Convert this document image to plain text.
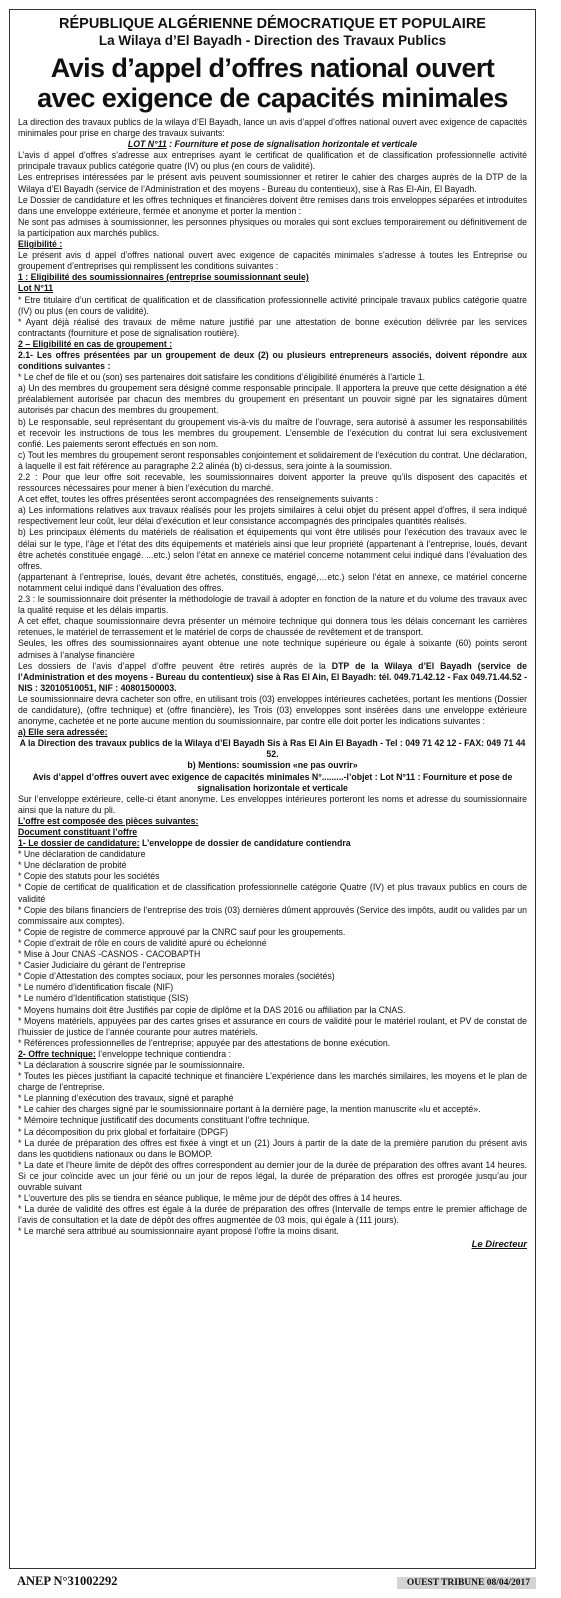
RÉPUBLIQUE ALGÉRIENNE DÉMOCRATIQUE ET POPULAIRE
La Wilaya d’El Bayadh - Direction des Travaux Publics
Avis d’appel d’offres national ouvert
avec exigence de capacités minimales

La direction des travaux publics de la wilaya d’El Bayadh, lance un avis d’appel d’offres national ouvert avec exigence de capacités minimales pour prise en charge des travaux suivants:

LOT N°11 : Fourniture et pose de signalisation horizontale et verticale

L’avis d appel d’offres s’adresse aux entreprises ayant le certificat de qualification et de classification professionnelle activité principale travaux publics catégorie quatre (IV) ou plus (en cours de validité).

Les entreprises intéressées par le présent avis peuvent soumissionner et retirer le cahier des charges auprès de la DTP de la Wilaya d’El Bayadh (service de l’Administration et des moyens - Bureau du contentieux), sise à Ras El-Ain, El Bayadh.

Le Dossier de candidature et les offres techniques et financières doivent être remises dans trois enveloppes séparées et introduites dans une enveloppe extérieure, fermée et anonyme et porter la mention :

Ne sont pas admises à soumissionner, les personnes physiques ou morales qui sont exclues temporairement ou définitivement de la participation aux marchés publics.

Eligibilité :

Le présent avis d appel d’offres national ouvert avec exigence de capacités minimales s’adresse à toutes les Entreprise ou groupement d’entreprises qui remplissent les conditions suivantes :

1 : Eligibilité des soumissionnaires (entreprise soumissionnant seule)

Lot N°11

* Etre titulaire d’un certificat de qualification et de classification professionnelle activité principale travaux publics catégorie quatre (IV) ou plus (en cours de validité).

* Ayant déjà réalisé des travaux de même nature justifié par une attestation de bonne exécution délivrée par les services contractants (fourniture et pose de signalisation routière).

2 – Eligibilité en cas de groupement :

2.1- Les offres présentées par un groupement de deux (2) ou plusieurs entrepreneurs associés, doivent répondre aux conditions suivantes :

* Le chef de file et ou (son) ses partenaires doit satisfaire les conditions d’éligibilité énumérés à l’article 1.

a) Un des membres du groupement sera désigné comme responsable principale. Il apportera la preuve que cette désignation a été préalablement autorisée par chacun des membres du groupement en présentant un pouvoir signé par les signataires dûment autorisés par chacun des membres du groupement.

b) Le responsable, seul représentant du groupement vis-à-vis du maître de l’ouvrage, sera autorisé à assumer les responsabilités et recevoir les instructions de tous les membres du groupement. L’ensemble de l’exécution du contrat lui sera exclusivement confié. Les paiements seront effectués en son nom.

c) Tout les membres du groupement seront responsables conjointement et solidairement de l’exécution du contrat. Une déclaration, à laquelle il est fait référence au paragraphe 2.2 alinéa (b) ci-dessus, sera jointe à la soumission.

2.2 : Pour que leur offre soit recevable, les soumissionnaires doivent apporter la preuve qu’ils disposent des capacités et ressources nécessaires pour mener à bien l’exécution du marché.

A cet effet, toutes les offres présentées seront accompagnées des renseignements suivants :

a) Les informations relatives aux travaux réalisés pour les projets similaires à celui objet du présent appel d’offres, il sera indiqué respectivement leur coût, leur délai d’exécution et leur consistance accompagnés des principales quantités réalisés.

b) Les principaux éléments du matériels de réalisation et équipements qui vont être utilisés pour l’exécution des travaux avec le délai sur le type, l’âge et l’état des dits équipements et matériels ainsi que leur propriété (appartenant à l’entreprise, loués, devant être achetés constituée engagé. ...etc.) selon l’état en annexe ce matériel concerne notamment celui indiqué dans l’évaluation des offres.

(appartenant à l’entreprise, loués, devant être achetés, constitués, engagé,…etc.) selon l’état en annexe, ce matériel concerne notamment celui indiqué dans l’évaluation des offres.

2.3 : le soumissionnaire doit présenter la méthodologie de travail à adopter en fonction de la nature et du volume des travaux avec la qualité requise et les délais impartis.

A cet effet, chaque soumissionnaire devra présenter un mémoire technique qui donnera tous les délais concernant les carrières retenues, le matériel de terrassement et le matériel de corps de chaussée de revêtement et de transport.

Seules, les offres des soumissionnaires ayant obtenue une note technique supérieure ou égale à soixante (60) points seront admises à l’analyse financière

Les dossiers de l’avis d’appel d’offre peuvent être retirés auprès de la DTP de la Wilaya d’El Bayadh (service de l’Administration et des moyens - Bureau du contentieux) sise à Ras El Ain, El Bayadh: tél. 049.71.42.12 - Fax 049.71.44.52 - NIS : 32010510051, NIF : 40801500003.

Le soumissionnaire devra cacheter son offre, en utilisant trois (03) enveloppes intérieures cachetées, portant les mentions (Dossier de candidature), (offre technique) et (offre financière), les Trois (03) enveloppes sont insérées dans une enveloppe extérieure anonyme, cachetée et ne porte aucune mention du soumissionnaire, par contre elle doit porter les indications suivantes :

a) Elle sera adressée:

A la Direction des travaux publics de la Wilaya d’El Bayadh Sis à Ras El Ain El Bayadh - Tel : 049 71 42 12 - FAX: 049 71 44 52.

b) Mentions: soumission «ne pas ouvrir»

Avis d’appel d’offres ouvert avec exigence de capacités minimales N°.........-l’objet : Lot N°11 : Fourniture et pose de signalisation horizontale et verticale

Sur l’enveloppe extérieure, celle-ci étant anonyme. Les enveloppes intérieures porteront les noms et adresse du soumissionnaire ainsi que la nature du pli.

L’offre est composée des pièces suivantes:

Document constituant l’offre

1- Le dossier de candidature: L’enveloppe de dossier de candidature contiendra

* Une déclaration de candidature

* Une déclaration de probité

* Copie des statuts pour les sociétés

* Copie de certificat de qualification et de classification professionnelle catégorie Quatre (IV) et plus travaux publics en cours de validité

* Copie des bilans financiers de l’entreprise des trois (03) dernières dûment approuvés (Service des impôts, audit ou valides par un commissaire aux comptes).

* Copie de registre de commerce approuvé par la CNRC sauf pour les groupements.

* Copie d’extrait de rôle en cours de validité apuré ou échelonné

* Mise à Jour CNAS -CASNOS - CACOBAPTH

* Casier Judiciaire du gérant de l’entreprise

* Copie d’Attestation des comptes sociaux, pour les personnes morales (sociétés)

* Le numéro d’identification fiscale (NIF)

* Le numéro d’Identification statistique (SIS)

* Moyens humains doit être Justifiés par copie de diplôme et la DAS 2016 ou affiliation par la CNAS.

* Moyens matériels, appuyées par des cartes grises et assurance en cours de validité pour le matériel roulant, et PV de constat de l’huissier de justice de l’année courante pour autres matériels.

* Références professionnelles de l’entreprise; appuyée par des attestations de bonne exécution.

2- Offre technique: l’enveloppe technique contiendra :

* La déclaration à souscrire signée par le soumissionnaire.

* Toutes les pièces justifiant la capacité technique et financière L’expérience dans les marchés similaires, les moyens et le plan de charge de l’entreprise.

* Le planning d’exécution des travaux, signé et paraphé

* Le cahier des charges signé par le soumissionnaire portant à la dernière page, la mention manuscrite «lu et accepté».

* Mémoire technique justificatif des documents constituant l’offre technique.

* La décomposition du prix global et forfaitaire (DPGF)

* La durée de préparation des offres est fixée à vingt et un (21) Jours à partir de la date de la première parution du présent avis dans les quotidiens nationaux ou dans le BOMOP.

* La date et l’heure limite de dépôt des offres correspondent au dernier jour de la durée de préparation des offres avant 14 heures. Si ce jour coïncide avec un jour férié ou un jour de repos légal, la durée de préparation des offres est prorogée jusqu’au jour ouvrable suivant

* L’ouverture des plis se tiendra en séance publique, le même jour de dépôt des offres à 14 heures.

* La durée de validité des offres est égale à la durée de préparation des offres (Intervalle de temps entre le premier affichage de l’avis de consultation et la date de dépôt des offres augmentée de 03 mois, qui égale à (111 jours).

* Le marché sera attribué au soumissionnaire ayant proposé l’offre la moins disant.

Le Directeur
ANEP N°31002292	OUEST TRIBUNE 08/04/2017
